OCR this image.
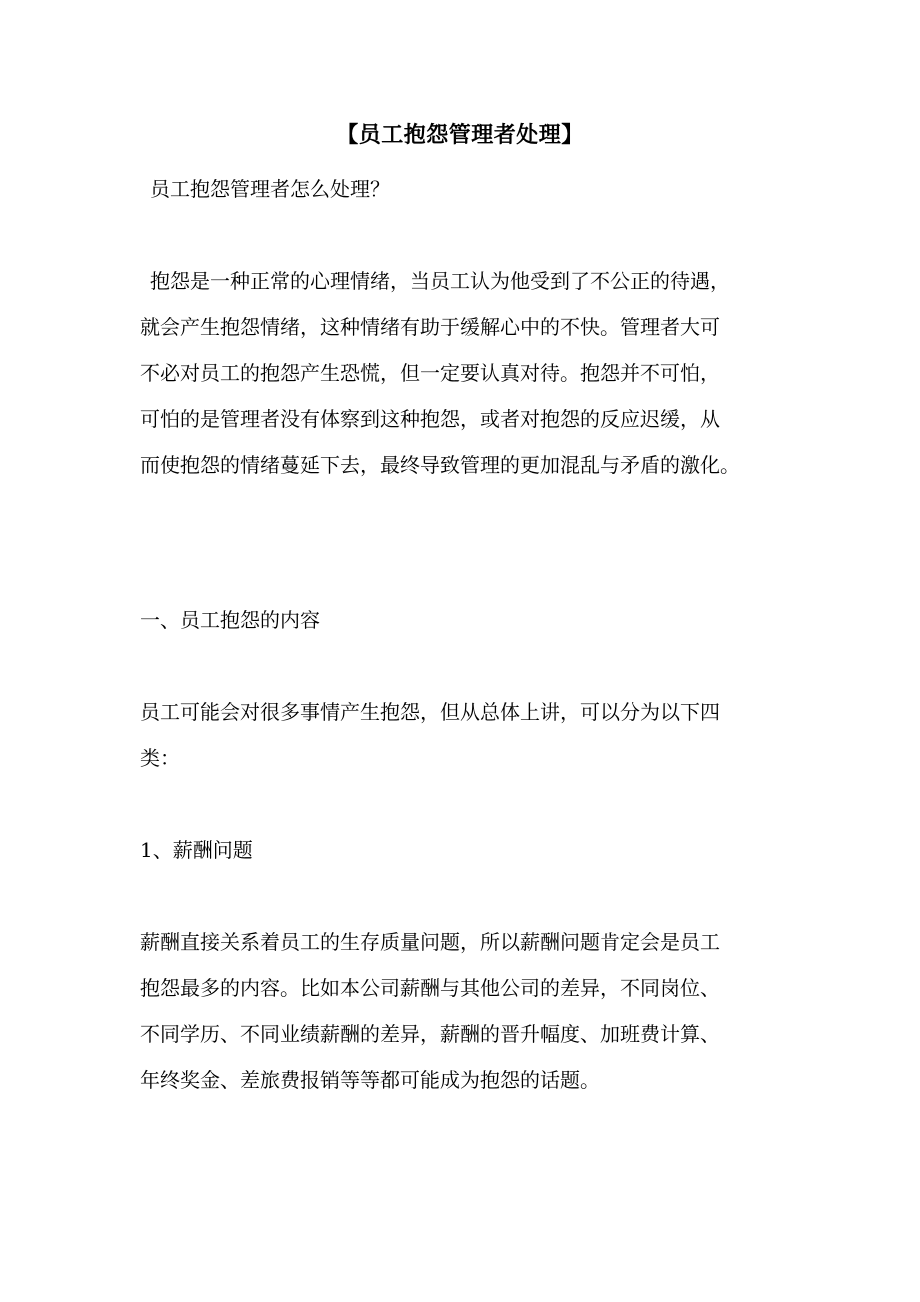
【员工抱怨管理者处理】

员工抱怨管理者怎么处理？

抱怨是一种正常的心理情绪，当员工认为他受到了不公正的待遇，
就会产生抱怨情绪，这种情绪有助于缓解心中的不快。管理者大可
不必对员工的抱怨产生恐慌，但一定要认真对待。抱怨并不可怕，
可怕的是管理者没有体察到这种抱怨，或者对抱怨的反应迟缓，从
而使抱怨的情绪蔓延下去，最终导致管理的更加混乱与矛盾的激化。

一、员工抱怨的内容

员工可能会对很多事情产生抱怨，但从总体上讲，可以分为以下四
类：

1、薪酬问题

薪酬直接关系着员工的生存质量问题，所以薪酬问题肯定会是员工
抱怨最多的内容。比如本公司薪酬与其他公司的差异，不同岗位、
不同学历、不同业绩薪酬的差异，薪酬的晋升幅度、加班费计算、
年终奖金、差旅费报销等等都可能成为抱怨的话题。
